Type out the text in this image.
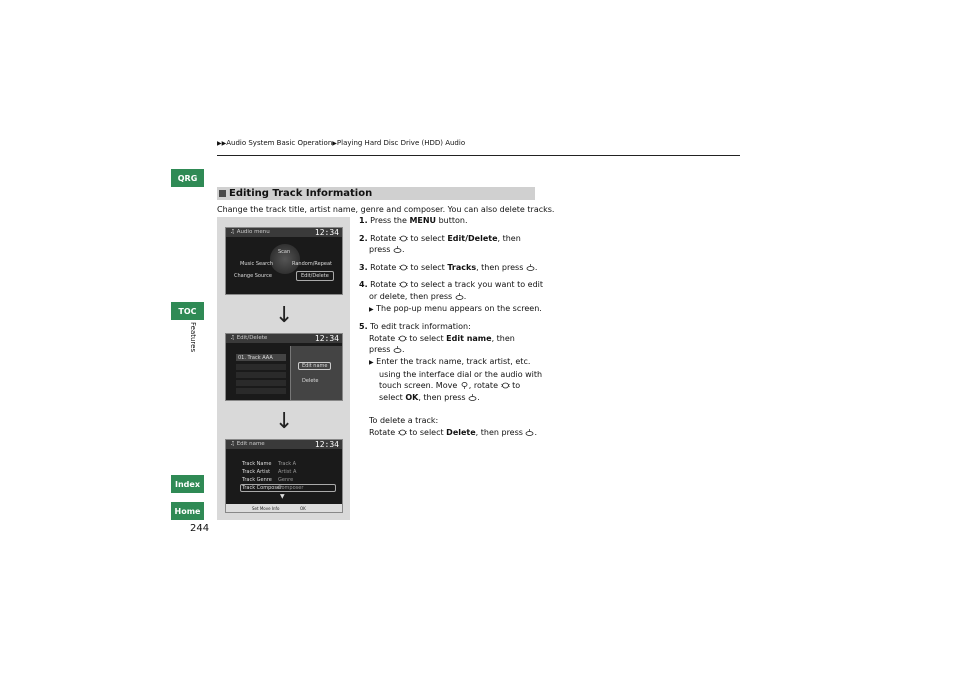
▶▶Audio System Basic Operation▶Playing Hard Disc Drive (HDD) Audio
QRG
TOC
Features
Index
Home
244
Editing Track Information
Change the track title, artist name, genre and composer. You can also delete tracks.
♫ Audio menu	12:34
Scan
Music Search	Random/Repeat
Change Source	Edit/Delete
↓
♫ Edit/Delete	12:34
01. Track AAA
Edit name
Delete
↓
♫ Edit name	12:34
Track Name Track A
Track Artist Artist A
Track Genre Genre
Track Composer
Composer
▼
Set Move Info	OK

1. Press the MENU button.

2. Rotate  to select Edit/Delete, then

press .

3. Rotate  to select Tracks, then press .

4. Rotate  to select a track you want to edit

or delete, then press .

▶ The pop-up menu appears on the screen.

5. To edit track information:

Rotate  to select Edit name, then

press .

▶ Enter the track name, track artist, etc.

using the interface dial or the audio with

touch screen. Move , rotate  to

select OK, then press .

To delete a track:

Rotate  to select Delete, then press .
